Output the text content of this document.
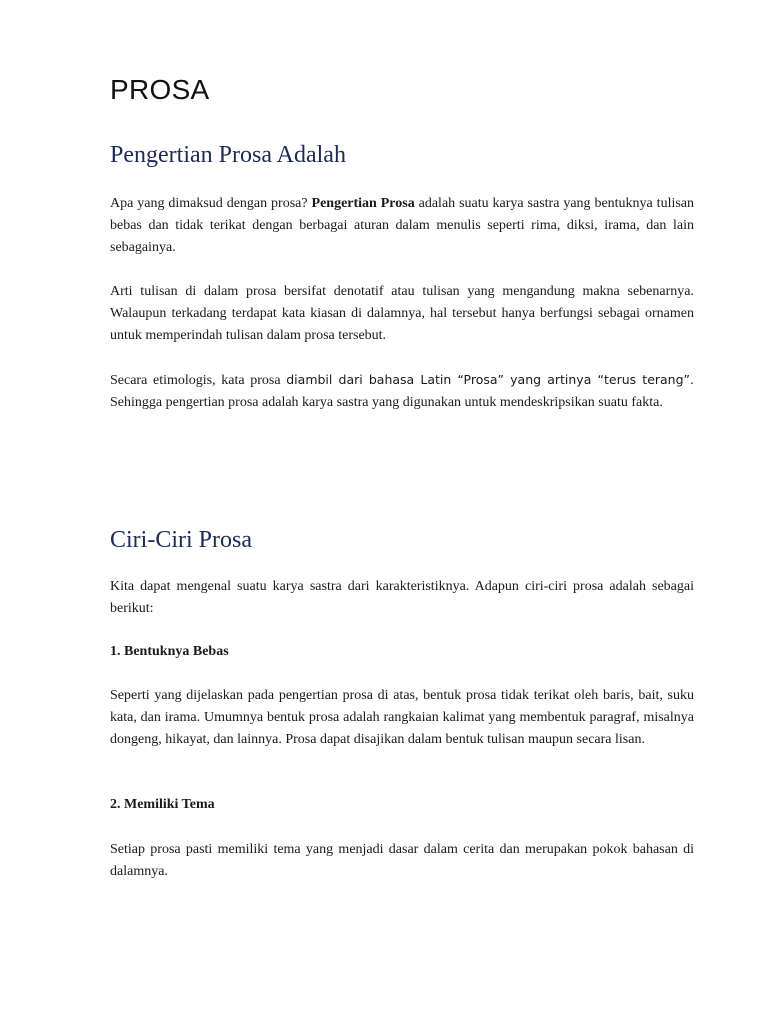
PROSA
Pengertian Prosa Adalah

Apa yang dimaksud dengan prosa? Pengertian Prosa adalah suatu karya sastra yang bentuknya tulisan bebas dan tidak terikat dengan berbagai aturan dalam menulis seperti rima, diksi, irama, dan lain sebagainya.

Arti tulisan di dalam prosa bersifat denotatif atau tulisan yang mengandung makna sebenarnya. Walaupun terkadang terdapat kata kiasan di dalamnya, hal tersebut hanya berfungsi sebagai ornamen untuk memperindah tulisan dalam prosa tersebut.

Secara etimologis, kata prosa diambil dari bahasa Latin “Prosa” yang artinya “terus terang”. Sehingga pengertian prosa adalah karya sastra yang digunakan untuk mendeskripsikan suatu fakta.

Ciri-Ciri Prosa

Kita dapat mengenal suatu karya sastra dari karakteristiknya. Adapun ciri-ciri prosa adalah sebagai berikut:

1. Bentuknya Bebas

Seperti yang dijelaskan pada pengertian prosa di atas, bentuk prosa tidak terikat oleh baris, bait, suku kata, dan irama. Umumnya bentuk prosa adalah rangkaian kalimat yang membentuk paragraf, misalnya dongeng, hikayat, dan lainnya. Prosa dapat disajikan dalam bentuk tulisan maupun secara lisan.

2. Memiliki Tema

Setiap prosa pasti memiliki tema yang menjadi dasar dalam cerita dan merupakan pokok bahasan di dalamnya.
